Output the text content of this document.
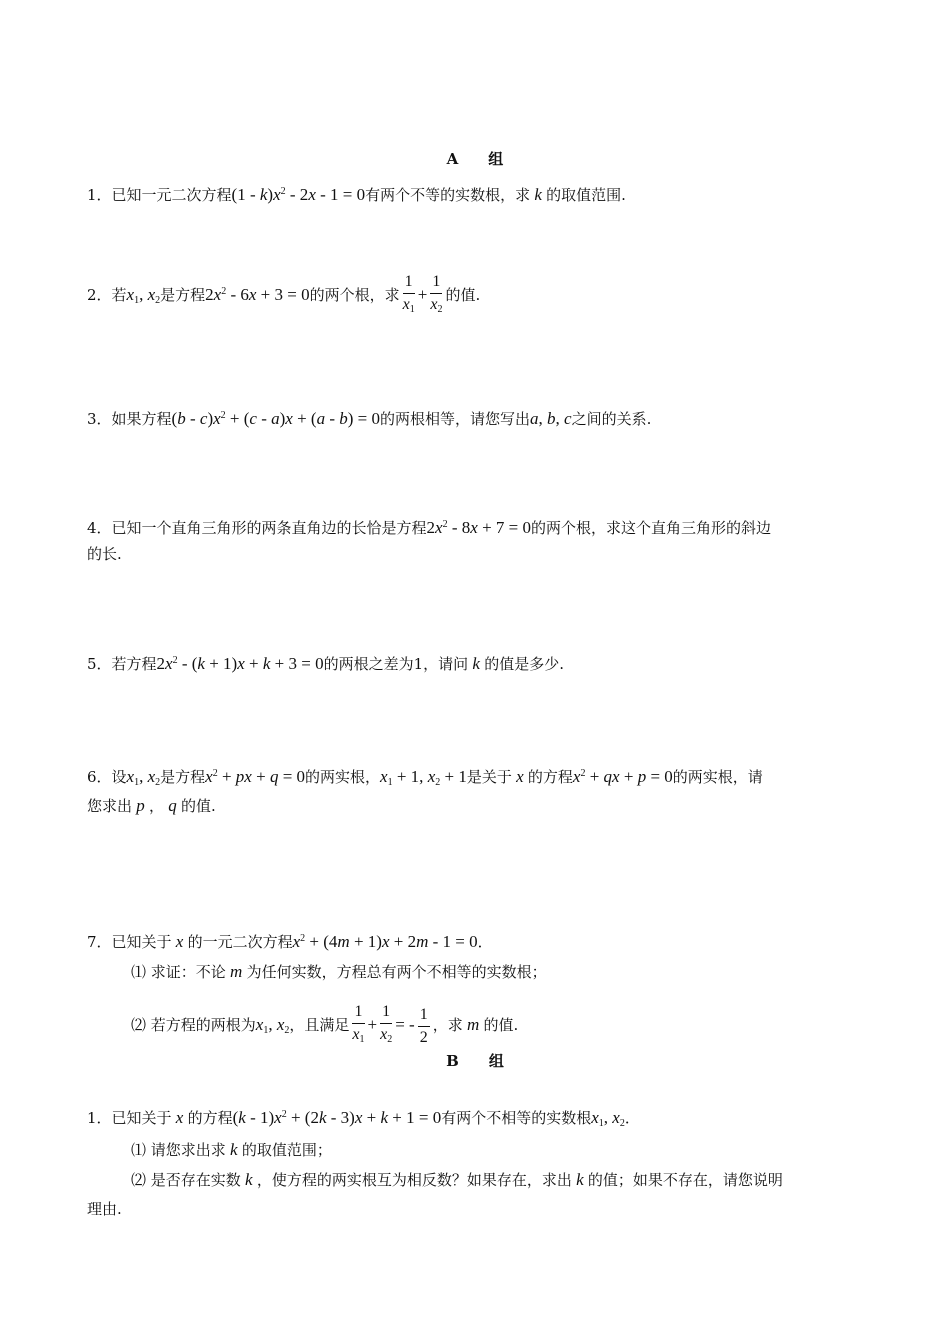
A　　组
1．已知一元二次方程$(1 - k)x^2 - 2x - 1 = 0$有两个不等的实数根，求 k 的取值范围.
2．若$x_1$, $x_2$是方程$2x^2 - 6x + 3 = 0$的两个根，求 $\frac{1}{x_1} + \frac{1}{x_2}$ 的值.
3．如果方程$(b - c)x^2 + (c - a)x + (a - b) = 0$的两根相等，请您写出a, b, c之间的关系.
4．已知一个直角三角形的两条直角边的长恰是方程$2x^2 - 8x + 7 = 0$的两个根，求这个直角三角形的斜边
的长.
5．若方程$2x^2 - (k + 1)x + k + 3 = 0$的两根之差为1，请问 k 的值是多少.
6．设$x_1$, $x_2$是方程$x^2$ + px + q = 0的两实根，$x_1 + 1$, $x_2 + 1$是关于 x 的方程$x^2$ + qx + p = 0的两实根，请
您求出 p ， q 的值.
7．已知关于 x 的一元二次方程$x^2 + (4m + 1)x + 2m - 1 = 0$．
⑴ 求证：不论 m 为任何实数，方程总有两个不相等的实数根；
⑵ 若方程的两根为$x_1$, $x_2$，且满足 $\frac{1}{x_1} + \frac{1}{x_2}$ = - $\frac{1}{2}$ ，求 m 的值.
B　　组
1．已知关于 x 的方程$(k - 1)x^2 + (2k - 3)x + k + 1 = 0$有两个不相等的实数根$x_1$, $x_2$．
⑴ 请您求出求 k 的取值范围；
⑵ 是否存在实数 k ，使方程的两实根互为相反数？如果存在，求出 k 的值；如果不存在，请您说明
理由.
